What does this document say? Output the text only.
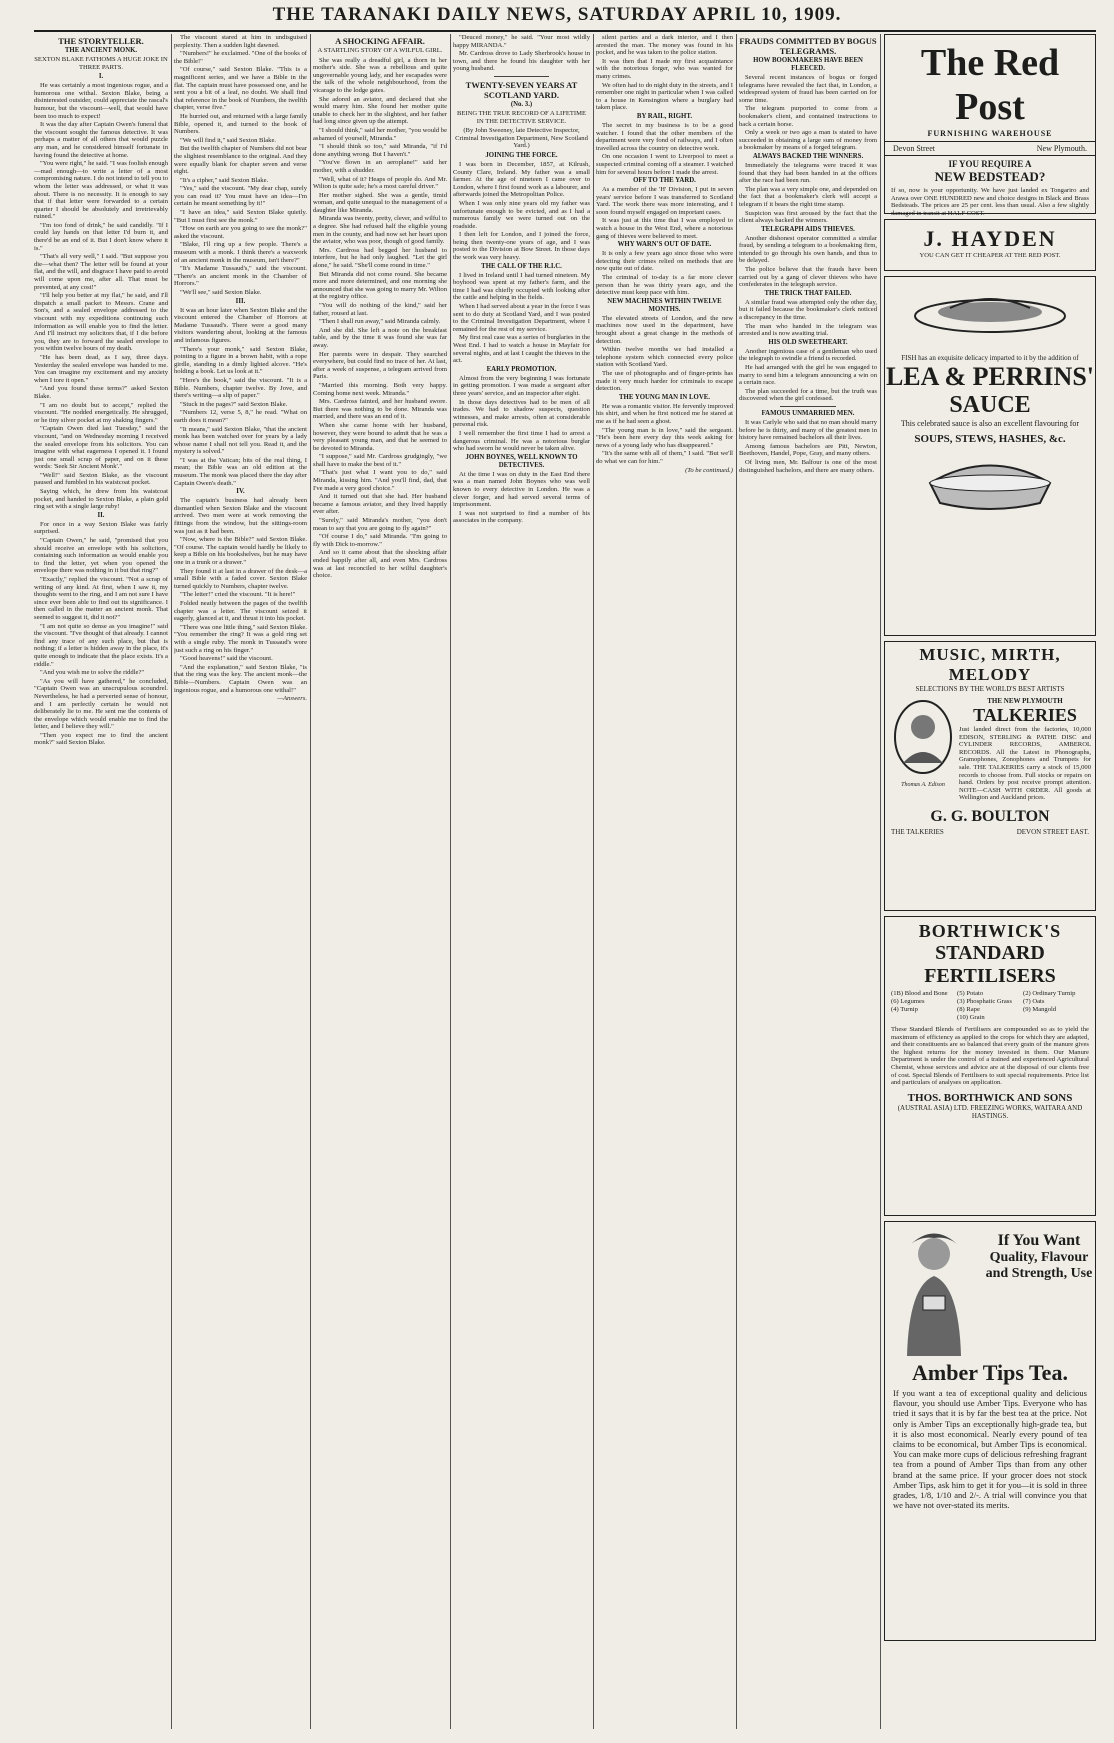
THE TARANAKI DAILY NEWS, SATURDAY APRIL 10, 1909.
THE STORYTELLER.
THE ANCIENT MONK.
SEXTON BLAKE FATHOMS A HUGE JOKE IN THREE PARTS.
I.

He was certainly a most ingenious rogue, and a humorous one withal. Sexton Blake, being a disinterested outsider, could appreciate the rascal's humour, but the viscount—well, that would have been too much to expect!

It was the day after Captain Owen's funeral that the viscount sought the famous detective. It was perhaps a matter of all others that would puzzle any man, and he considered himself fortunate in having found the detective at home.

"You were right," he said. "I was foolish enough—mad enough—to write a letter of a most compromising nature. I do not intend to tell you to whom the letter was addressed, or what it was about. There is no necessity. It is enough to say that if that letter were forwarded to a certain quarter I should be absolutely and irretrievably ruined."

"I'm too fond of drink," he said candidly. "If I could lay hands on that letter I'd burn it, and there'd be an end of it. But I don't know where it is."

"That's all very well," I said. "But suppose you die—what then? The letter will be found at your flat, and the will, and disgrace I have paid to avoid will come upon me, after all. That must be prevented, at any cost!"

"I'll help you better at my flat," he said, and I'll dispatch a small packet to Messrs. Crane and Son's, and a sealed envelope addressed to the viscount with my expeditions continuing such information as will enable you to find the letter. And I'll instruct my solicitors that, if I die before you, they are to forward the sealed envelope to you within twelve hours of my death.

"He has been dead, as I say, three days. Yesterday the sealed envelope was handed to me. You can imagine my excitement and my anxiety when I tore it open."

"And you found these terms?" asked Sexton Blake.

"I am no doubt but to accept," replied the viscount. "He nodded energetically. He shrugged, or he tiny silver pocket at my shaking fingers."

"Captain Owen died last Tuesday," said the viscount, "and on Wednesday morning I received the sealed envelope from his solicitors. You can imagine with what eagerness I opened it. I found just one small scrap of paper, and on it these words: 'Seek Sir Ancient Monk'."

"Well!" said Sexton Blake, as the viscount paused and fumbled in his waistcoat pocket.

Saying which, he drew from his waistcoat pocket, and handed to Sexton Blake, a plain gold ring set with a single large ruby!

II.

For once in a way Sexton Blake was fairly surprised.

"Captain Owen," he said, "promised that you should receive an envelope with his solicitors, containing such information as would enable you to find the letter, yet when you opened the envelope there was nothing in it but that ring?"

"Exactly," replied the viscount. "Not a scrap of writing of any kind. At first, when I saw it, my thoughts went to the ring, and I am not sure I have since ever been able to find out its significance. I then called in the matter an ancient monk. That seemed to suggest it, did it not?"

"I am not quite so dense as you imagine!" said the viscount. "I've thought of that already. I cannot find any trace of any such place, but that is nothing; if a letter is hidden away in the place, it's quite enough to indicate that the place exists. It's a riddle."

"And you wish me to solve the riddle?"

"As you will have gathered," he concluded, "Captain Owen was an unscrupulous scoundrel. Nevertheless, he had a perverted sense of honour, and I am perfectly certain he would not deliberately lie to me. He sent me the contents of the envelope which would enable me to find the letter, and I believe they will."

"Then you expect me to find the ancient monk?" said Sexton Blake.

The viscount stared at him in undisguised perplexity. Then a sudden light dawned.

"Numbers!" he exclaimed. "One of the books of the Bible!"

"Of course," said Sexton Blake. "This is a magnificent series, and we have a Bible in the flat. The captain must have possessed one, and he sent you a bit of a leaf, no doubt. We shall find that reference in the book of Numbers, the twelfth chapter, verse five."

He hurried out, and returned with a large family Bible, opened it, and turned to the book of Numbers.

"We will find it," said Sexton Blake.

But the twelfth chapter of Numbers did not bear the slightest resemblance to the original. And they were equally blank for chapter seven and verse eight.

"It's a cipher," said Sexton Blake.

"Yes," said the viscount. "My dear chap, surely you can read it? You must have an idea—I'm certain he meant something by it!"

"I have an idea," said Sexton Blake quietly. "But I must first see the monk."

"How on earth are you going to see the monk?" asked the viscount.

"Blake, I'll ring up a few people. There's a museum with a monk. I think there's a waxwork of an ancient monk in the museum, isn't there?"

"It's Madame Tussaud's," said the viscount. "There's an ancient monk in the Chamber of Horrors."

"We'll see," said Sexton Blake.

III.

It was an hour later when Sexton Blake and the viscount entered the Chamber of Horrors at Madame Tussaud's. There were a good many visitors wandering about, looking at the famous and infamous figures.

"There's your monk," said Sexton Blake, pointing to a figure in a brown habit, with a rope girdle, standing in a dimly lighted alcove. "He's holding a book. Let us look at it."

"Here's the book," said the viscount. "It is a Bible. Numbers, chapter twelve. By Jove, and there's writing—a slip of paper."

"Stuck in the pages?" said Sexton Blake.

"Numbers 12, verse 5, 8," he read. "What on earth does it mean?"

"It means," said Sexton Blake, "that the ancient monk has been watched over for years by a lady whose name I shall not tell you. Read it, and the mystery is solved."

"I was at the Vatican; bits of the real thing, I mean; the Bible was an old edition at the museum. The monk was placed there the day after Captain Owen's death."

IV.

The captain's business had already been dismantled when Sexton Blake and the viscount arrived. Two men were at work removing the fittings from the window, but the sittings-room was just as it had been.

"Now, where is the Bible?" said Sexton Blake. "Of course. The captain would hardly be likely to keep a Bible on his bookshelves, but he may have one in a trunk or a drawer."

They found it at last in a drawer of the desk—a small Bible with a faded cover. Sexton Blake turned quickly to Numbers, chapter twelve.

"The letter!" cried the viscount. "It is here!"

Folded neatly between the pages of the twelfth chapter was a letter. The viscount seized it eagerly, glanced at it, and thrust it into his pocket.

"There was one little thing," said Sexton Blake. "You remember the ring? It was a gold ring set with a single ruby. The monk in Tussaud's wore just such a ring on his finger."

"Good heavens!" said the viscount.

"And the explanation," said Sexton Blake, "is that the ring was the key. The ancient monk—the Bible—Numbers. Captain Owen was an ingenious rogue, and a humorous one withal!"

—Answers.
A SHOCKING AFFAIR.
A STARTLING STORY OF A WILFUL GIRL.

She was really a dreadful girl, a thorn in her mother's side. She was a rebellious and quite ungovernable young lady, and her escapades were the talk of the whole neighbourhood, from the vicarage to the lodge gates.

She adored an aviator, and declared that she would marry him. She found her mother quite unable to check her in the slightest, and her father had long since given up the attempt.

"I should think," said her mother, "you would be ashamed of yourself, Miranda."

"I should think so too," said Miranda, "if I'd done anything wrong. But I haven't."

"You've flown in an aeroplane!" said her mother, with a shudder.

"Well, what of it? Heaps of people do. And Mr. Wilton is quite safe; he's a most careful driver."

Her mother sighed. She was a gentle, timid woman, and quite unequal to the management of a daughter like Miranda.

Miranda was twenty, pretty, clever, and wilful to a degree. She had refused half the eligible young men in the county, and had now set her heart upon the aviator, who was poor, though of good family.

Mrs. Cardross had begged her husband to interfere, but he had only laughed. "Let the girl alone," he said. "She'll come round in time."

But Miranda did not come round. She became more and more determined, and one morning she announced that she was going to marry Mr. Wilton at the registry office.

"You will do nothing of the kind," said her father, roused at last.

"Then I shall run away," said Miranda calmly.

And she did. She left a note on the breakfast table, and by the time it was found she was far away.

Her parents were in despair. They searched everywhere, but could find no trace of her. At last, after a week of suspense, a telegram arrived from Paris.

"Married this morning. Both very happy. Coming home next week. Miranda."

Mrs. Cardross fainted, and her husband swore. But there was nothing to be done. Miranda was married, and there was an end of it.

When she came home with her husband, however, they were bound to admit that he was a very pleasant young man, and that he seemed to be devoted to Miranda.

"I suppose," said Mr. Cardross grudgingly, "we shall have to make the best of it."

"That's just what I want you to do," said Miranda, kissing him. "And you'll find, dad, that I've made a very good choice."

And it turned out that she had. Her husband became a famous aviator, and they lived happily ever after.

"Surely," said Miranda's mother, "you don't mean to say that you are going to fly again?"

"Of course I do," said Miranda. "I'm going to fly with Dick to-morrow."

And so it came about that the shocking affair ended happily after all, and even Mrs. Cardross was at last reconciled to her wilful daughter's choice.

"Deuced money," he said. "Your most wildly happy MIRANDA."

Mr. Cardross drove to Lady Sherbrook's house in town, and there he found his daughter with her young husband.

TWENTY-SEVEN YEARS AT SCOTLAND YARD.
(No. 3.)
BEING THE TRUE RECORD OF A LIFETIME IN THE DETECTIVE SERVICE.
(By John Sweeney, late Detective Inspector, Criminal Investigation Department, New Scotland Yard.)
JOINING THE FORCE.

I was born in December, 1857, at Kilrush, County Clare, Ireland. My father was a small farmer. At the age of nineteen I came over to London, where I first found work as a labourer, and afterwards joined the Metropolitan Police.

When I was only nine years old my father was unfortunate enough to be evicted, and as I had a numerous family we were turned out on the roadside.

I then left for London, and I joined the force, being then twenty-one years of age, and I was posted to the Division at Bow Street. In those days the work was very heavy.

THE CALL OF THE R.I.C.

I lived in Ireland until I had turned nineteen. My boyhood was spent at my father's farm, and the time I had was chiefly occupied with looking after the cattle and helping in the fields.

When I had served about a year in the force I was sent to do duty at Scotland Yard, and I was posted to the Criminal Investigation Department, where I remained for the rest of my service.

My first real case was a series of burglaries in the West End. I had to watch a house in Mayfair for several nights, and at last I caught the thieves in the act.

EARLY PROMOTION.

Almost from the very beginning I was fortunate in getting promotion. I was made a sergeant after three years' service, and an inspector after eight.

In those days detectives had to be men of all trades. We had to shadow suspects, question witnesses, and make arrests, often at considerable personal risk.

I well remember the first time I had to arrest a dangerous criminal. He was a notorious burglar who had sworn he would never be taken alive.

JOHN BOYNES, WELL KNOWN TO DETECTIVES.

At the time I was on duty in the East End there was a man named John Boynes who was well known to every detective in London. He was a clever forger, and had served several terms of imprisonment.

I was not surprised to find a number of his associates in the company.

silent parties and a dark interior, and I then arrested the man. The money was found in his pocket, and he was taken to the police station.

It was then that I made my first acquaintance with the notorious forger, who was wanted for many crimes.

We often had to do night duty in the streets, and I remember one night in particular when I was called to a house in Kensington where a burglary had taken place.

BY RAIL, RIGHT.

The secret in my business is to be a good watcher. I found that the other members of the department were very fond of railways, and I often travelled across the country on detective work.

On one occasion I went to Liverpool to meet a suspected criminal coming off a steamer. I watched him for several hours before I made the arrest.

OFF TO THE YARD.

As a member of the 'H' Division, I put in seven years' service before I was transferred to Scotland Yard. The work there was more interesting, and I soon found myself engaged on important cases.

It was just at this time that I was employed to watch a house in the West End, where a notorious gang of thieves were believed to meet.

WHY WARN'S OUT OF DATE.

It is only a few years ago since those who were detecting their crimes relied on methods that are now quite out of date.

The criminal of to-day is a far more clever person than he was thirty years ago, and the detective must keep pace with him.

NEW MACHINES WITHIN TWELVE MONTHS.

The elevated streets of London, and the new machines now used in the department, have brought about a great change in the methods of detection.

Within twelve months we had installed a telephone system which connected every police station with Scotland Yard.

The use of photographs and of finger-prints has made it very much harder for criminals to escape detection.

THE YOUNG MAN IN LOVE.

He was a romantic visitor. He fervently improved his shirt, and when he first noticed me he stared at me as if he had seen a ghost.

"The young man is in love," said the sergeant. "He's been here every day this week asking for news of a young lady who has disappeared."

"It's the same with all of them," I said. "But we'll do what we can for him."

(To be continued.)
FRAUDS COMMITTED BY BOGUS TELEGRAMS.
HOW BOOKMAKERS HAVE BEEN FLEECED.

Several recent instances of bogus or forged telegrams have revealed the fact that, in London, a widespread system of fraud has been carried on for some time.

The telegram purported to come from a bookmaker's client, and contained instructions to back a certain horse.

Only a week or two ago a man is stated to have succeeded in obtaining a large sum of money from a bookmaker by means of a forged telegram.

ALWAYS BACKED THE WINNERS.

Immediately the telegrams were traced it was found that they had been handed in at the offices after the race had been run.

The plan was a very simple one, and depended on the fact that a bookmaker's clerk will accept a telegram if it bears the right time stamp.

Suspicion was first aroused by the fact that the client always backed the winners.

TELEGRAPH AIDS THIEVES.

Another dishonest operator committed a similar fraud, by sending a telegram to a bookmaking firm, intended to go through his own hands, and thus to be delayed.

The police believe that the frauds have been carried out by a gang of clever thieves who have confederates in the telegraph service.

THE TRICK THAT FAILED.

A similar fraud was attempted only the other day, but it failed because the bookmaker's clerk noticed a discrepancy in the time.

The man who handed in the telegram was arrested and is now awaiting trial.

HIS OLD SWEETHEART.

Another ingenious case of a gentleman who used the telegraph to swindle a friend is recorded.

He had arranged with the girl he was engaged to marry to send him a telegram announcing a win on a certain race.

The plan succeeded for a time, but the truth was discovered when the girl confessed.

FAMOUS UNMARRIED MEN.

It was Carlyle who said that no man should marry before he is thirty, and many of the greatest men in history have remained bachelors all their lives.

Among famous bachelors are Pitt, Newton, Beethoven, Handel, Pope, Gray, and many others.

Of living men, Mr. Balfour is one of the most distinguished bachelors, and there are many others.

The Red Post
FURNISHING WAREHOUSE
Devon Street	New Plymouth.
IF YOU REQUIRE A
NEW BEDSTEAD?
If so, now is your opportunity. We have just landed ex Tongariro and Arawa over ONE HUNDRED new and choice designs in Black and Brass Bedsteads. The prices are 25 per cent. less than usual. Also a few slightly damaged in transit at HALF COST.
J. HAYDEN
YOU CAN GET IT CHEAPER AT THE RED POST.
FISH has an exquisite delicacy imparted to it by the addition of
LEA & PERRINS'
SAUCE
This celebrated sauce is also an excellent flavouring for
SOUPS, STEWS, HASHES, &c.
MUSIC, MIRTH, MELODY
SELECTIONS BY THE WORLD'S BEST ARTISTS
Thomas A. Edison
THE NEW PLYMOUTH
TALKERIES
Just landed direct from the factories, 10,000 EDISON, STERLING & PATHE DISC and CYLINDER RECORDS, AMBEROL RECORDS. All the Latest in Phonographs, Gramophones, Zonophones and Trumpets for sale. THE TALKERIES carry a stock of 15,000 records to choose from. Full stocks or repairs on hand. Orders by post receive prompt attention. NOTE—CASH WITH ORDER. All goods at Wellington and Auckland prices.
G. G. BOULTON
THE TALKERIES	DEVON STREET EAST.
BORTHWICK'S
STANDARD FERTILISERS
(1B) Blood and Bone	(5) Potato	(2) Ordinary Turnip
(6) Legumes	(3) Phosphatic Grass	(7) Oats
(4) Turnip	(8) Rape	(9) Mangold
(10) Grain
These Standard Blends of Fertilisers are compounded so as to yield the maximum of efficiency as applied to the crops for which they are adapted, and their constituents are so balanced that every grain of the manure gives the highest returns for the money invested in them. Our Manure Department is under the control of a trained and experienced Agricultural Chemist, whose services and advice are at the disposal of our clients free of cost. Special Blends of Fertilisers to suit special requirements. Price list and particulars of analyses on application.
THOS. BORTHWICK AND SONS
(AUSTRAL ASIA) LTD. FREEZING WORKS, WAITARA AND HASTINGS.
If You Want
Quality, Flavour and Strength, Use
Amber Tips Tea.
If you want a tea of exceptional quality and delicious flavour, you should use Amber Tips. Everyone who has tried it says that it is by far the best tea at the price. Not only is Amber Tips an exceptionally high-grade tea, but it is also most economical. Nearly every pound of tea claims to be economical, but Amber Tips is economical. You can make more cups of delicious refreshing fragrant tea from a pound of Amber Tips than from any other brand at the same price. If your grocer does not stock Amber Tips, ask him to get it for you—it is sold in three grades, 1/8, 1/10 and 2/-. A trial will convince you that we have not over-stated its merits.
